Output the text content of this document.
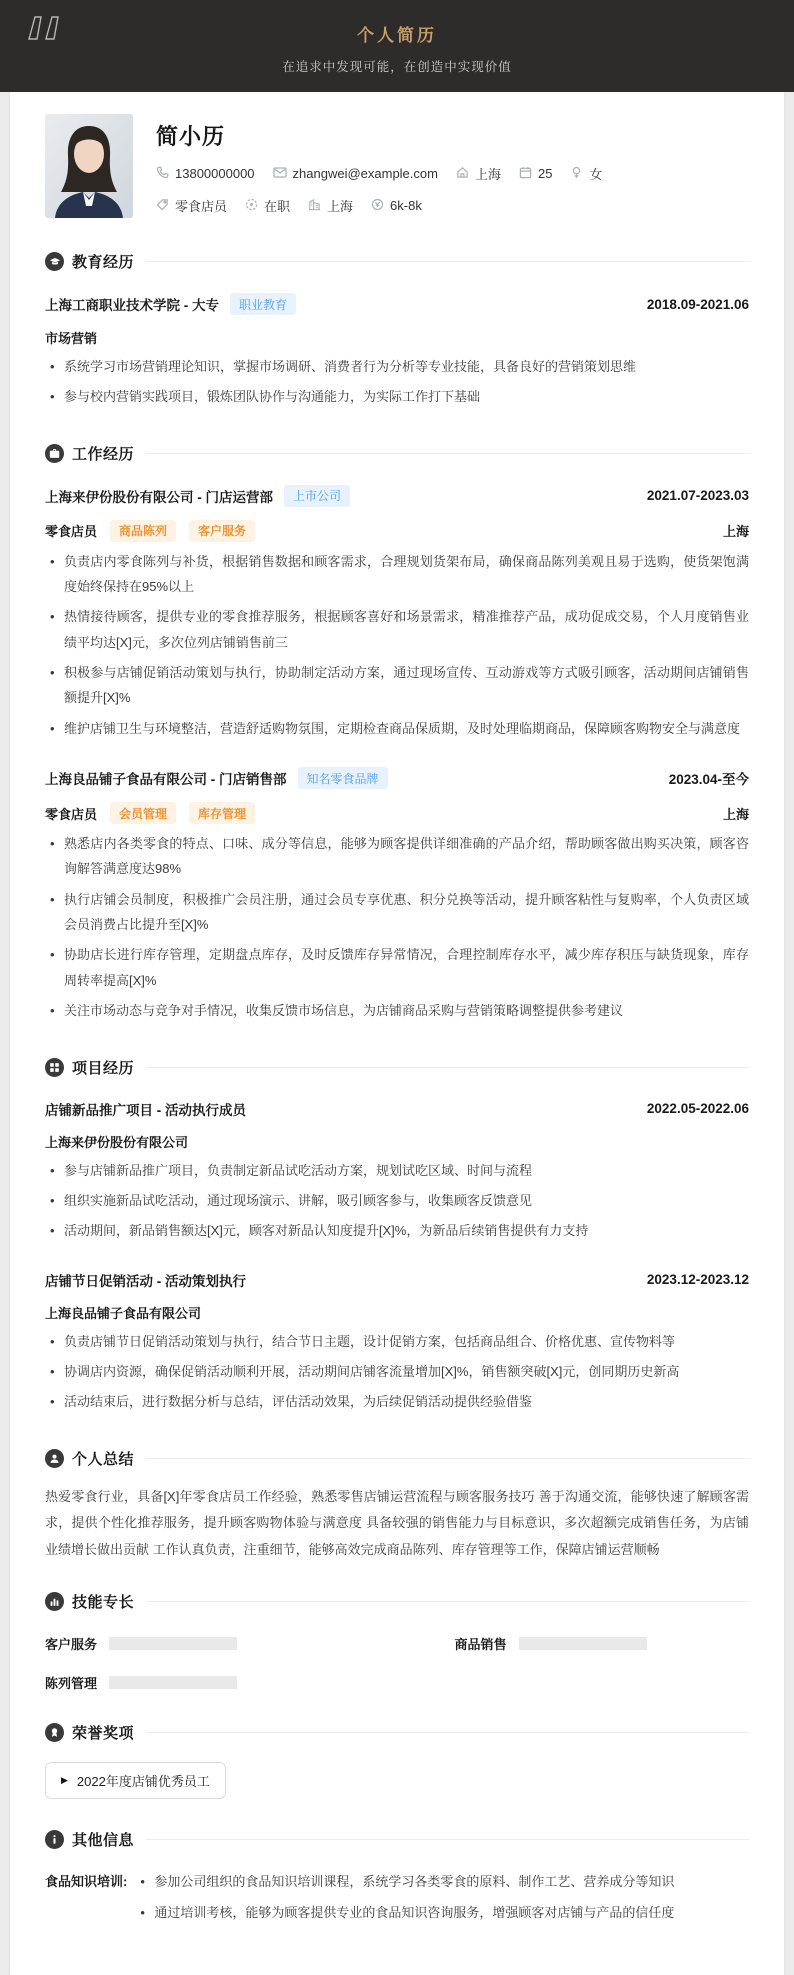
个人简历
在追求中发现可能，在创造中实现价值
简小历
13800000000	zhangwei@example.com	上海	25	女
零食店员	在职	上海	6k-8k
教育经历
上海工商职业技术学院 - 大专	职业教育	2018.09-2021.06
市场营销
• 系统学习市场营销理论知识，掌握市场调研、消费者行为分析等专业技能，具备良好的营销策划思维
• 参与校内营销实践项目，锻炼团队协作与沟通能力，为实际工作打下基础
工作经历
上海来伊份股份有限公司 - 门店运营部	上市公司	2021.07-2023.03
零食店员	商品陈列	客户服务	上海
• 负责店内零食陈列与补货，根据销售数据和顾客需求，合理规划货架布局，确保商品陈列美观且易于选购，使货架饱满度始终保持在95%以上
• 热情接待顾客，提供专业的零食推荐服务，根据顾客喜好和场景需求，精准推荐产品，成功促成交易，个人月度销售业绩平均达[X]元，多次位列店铺销售前三
• 积极参与店铺促销活动策划与执行，协助制定活动方案，通过现场宣传、互动游戏等方式吸引顾客，活动期间店铺销售额提升[X]%
• 维护店铺卫生与环境整洁，营造舒适购物氛围，定期检查商品保质期，及时处理临期商品，保障顾客购物安全与满意度
上海良品铺子食品有限公司 - 门店销售部	知名零食品牌	2023.04-至今
零食店员	会员管理	库存管理	上海
• 熟悉店内各类零食的特点、口味、成分等信息，能够为顾客提供详细准确的产品介绍，帮助顾客做出购买决策，顾客咨询解答满意度达98%
• 执行店铺会员制度，积极推广会员注册，通过会员专享优惠、积分兑换等活动，提升顾客粘性与复购率，个人负责区域会员消费占比提升至[X]%
• 协助店长进行库存管理，定期盘点库存，及时反馈库存异常情况，合理控制库存水平，减少库存积压与缺货现象，库存周转率提高[X]%
• 关注市场动态与竞争对手情况，收集反馈市场信息，为店铺商品采购与营销策略调整提供参考建议
项目经历
店铺新品推广项目 - 活动执行成员	2022.05-2022.06
上海来伊份股份有限公司
• 参与店铺新品推广项目，负责制定新品试吃活动方案，规划试吃区域、时间与流程
• 组织实施新品试吃活动，通过现场演示、讲解，吸引顾客参与，收集顾客反馈意见
• 活动期间，新品销售额达[X]元，顾客对新品认知度提升[X]%，为新品后续销售提供有力支持
店铺节日促销活动 - 活动策划执行	2023.12-2023.12
上海良品铺子食品有限公司
• 负责店铺节日促销活动策划与执行，结合节日主题，设计促销方案，包括商品组合、价格优惠、宣传物料等
• 协调店内资源，确保促销活动顺利开展，活动期间店铺客流量增加[X]%，销售额突破[X]元，创同期历史新高
• 活动结束后，进行数据分析与总结，评估活动效果，为后续促销活动提供经验借鉴
个人总结
热爱零食行业，具备[X]年零食店员工作经验，熟悉零售店铺运营流程与顾客服务技巧 善于沟通交流，能够快速了解顾客需求，提供个性化推荐服务，提升顾客购物体验与满意度 具备较强的销售能力与目标意识，多次超额完成销售任务，为店铺业绩增长做出贡献 工作认真负责，注重细节，能够高效完成商品陈列、库存管理等工作，保障店铺运营顺畅
技能专长
客户服务	商品销售
陈列管理
荣誉奖项
▶ 2022年度店铺优秀员工
其他信息
食品知识培训:	• 参加公司组织的食品知识培训课程，系统学习各类零食的原料、制作工艺、营养成分等知识
• 通过培训考核，能够为顾客提供专业的食品知识咨询服务，增强顾客对店铺与产品的信任度
